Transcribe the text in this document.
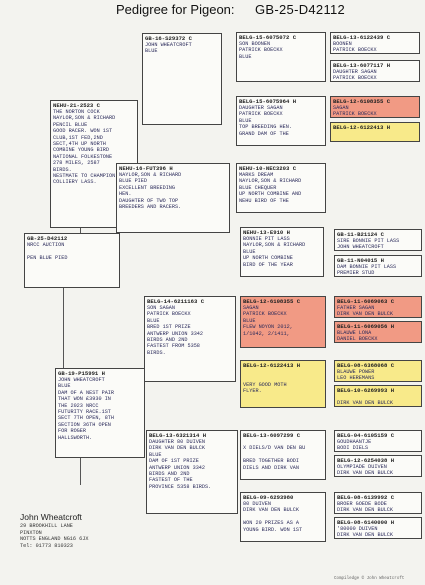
Pedigree for Pigeon: GB-25-D42112
GB-25-D42112
NRCC AUCTION

PEN BLUE PIED
GB-16-S29372 C
JOHN WHEATCROFT
BLUE
GB-19-P15991 H
JOHN WHEATCROFT
BLUE
DAM OF A NEST PAIR
THAT WON £3930 IN
THE 2023 NRCC
FUTURITY RACE.1ST
SECT 7TH OPEN, 8TH
SECTION 36TH OPEN
FOR ROGER
HALLSWORTH.
NEHU-21-2523 C
THE NORTON COCK
NAYLOR,SON & RICHARD
PENCIL BLUE
GOOD RACER. WON 1ST
CLUB,1ST FED,2ND
SECT,4TH UP NORTH
COMBINE YOUNG BIRD
NATIONAL FOLKESTONE
278 MILES, 2587
BIRDS.
NESTMATE TO CHAMPION
COLLIERY LASS.
NEHU-16-FUT396 H
NAYLOR,SON & RICHARD
BLUE PIED
EXCELLENT BREEDING
HEN.
DAUGHTER OF TWO TOP
BREEDERS AND RACERS.
BELG-14-6211163 C
SON SAGAN
PATRICK BOECKX
BLUE
BRED 1ST PRIZE
ANTWERP UNION 3342
BIRDS AND 2ND
FASTEST FROM 5358
BIRDS.
BELG-13-6321314 H
DAUGHTER 80 DUIVEN
DIRK VAN DEN BULCK
BLUE
DAM OF 1ST PRIZE
ANTWERP UNION 3342
BIRDS AND 2ND
FASTEST OF THE
PROVINCE 5358 BIRDS.
BELG-15-6075072 C
SON BOONEN
PATRICK BOECKX
BLUE
BELG-15-6075964 H
DAUGHTER SAGAN
PATRICK BOECKX
BLUE
TOP BREEDING HEN.
GRAND DAM OF THE
NEHU-10-NEC3203 C
MARKS DREAM
NAYLOR,SON & RICHARD
BLUE CHEQUER
UP NORTH COMBINE AND
NEHU BIRD OF THE
NEHU-13-E910 H
BONNIE PIT LASS
NAYLOR,SON & RICHARD
BLUE
UP NORTH COMBINE
BIRD OF THE YEAR
BELG-12-6108355 C
SAGAN
PATRICK BOECKX
BLUE
FLEW NOYON 2012,
1/1042, 2/1411,
BELG-12-6122413 H

VERY GOOD MOTH
FLYER.
BELG-13-6097299 C

X DIELS/D VAN DEN BU

BRED TOGETHER BODI
DIELS AND DIRK VAN
BELG-09-6293980
80 DUIVEN
DIRK VAN DEN BULCK

WON 20 PRIZES AS A
YOUNG BIRD. WON 1ST
BELG-13-6122439 C
BOONEN
PATRICK BOECKX
BELG-13-6077117 H
DAUGHTER SAGAN
PATRICK BOECKX
BELG-12-6108355 C
SAGAN
PATRICK BOECKX
BELG-12-6122413 H
GB-11-B21124 C
SIRE BONNIE PIT LASS
JOHN WHEATCROFT
GB-11-N04015 H
DAM BONNIE PIT LASS
PREMIER STUD
BELG-11-6069063 C
FATHER SAGAN
DIRK VAN DEN BULCK
BELG-11-6069056 H
BLAUWE LONA
DANIEL BOECKX
BELG-08-6368068 C
BLAUWE POWER
LEO HEREMANS
BELG-10-6269993 H

DIRK VAN DEN BULCK
BELG-04-6105159 C
GOUDHAANTJE
BODI DIELS
BELG-12-6254038 H
OLYMPIADE DUIVEN
DIRK VAN DEN BULCK
BELG-08-6139992 C
BROER GOEDE BODE
DIRK VAN DEN BULCK
BELG-08-6140000 H
'80000 DUIVEN
DIRK VAN DEN BULCK
John Wheatcroft
29 BROOKHILL LANE
PINXTON
NOTTS ENGLAND NG16 6JX
Tel: 01773 810323
Compiledge © John Wheatcroft
